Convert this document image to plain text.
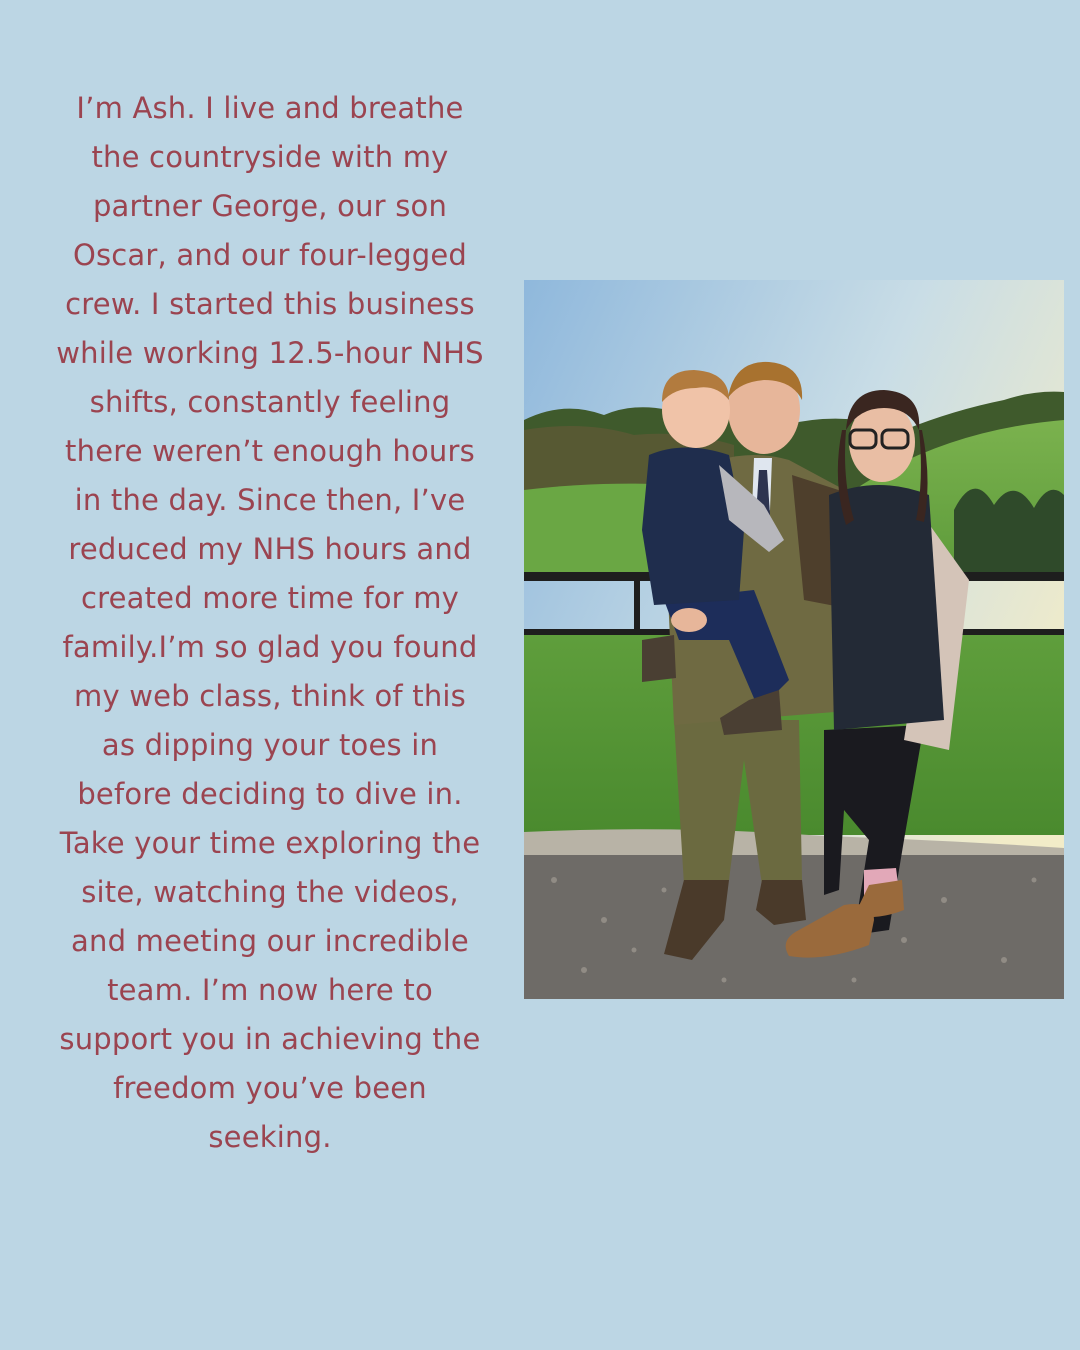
I’m Ash. I live and breathe the countryside with my partner George, our son Oscar, and our four-legged crew. I started this business while working 12.5-hour NHS shifts, constantly feeling there weren’t enough hours in the day. Since then, I’ve reduced my NHS hours and created more time for my family.I’m so glad you found my web class, think of this as dipping your toes in before deciding to dive in.

Take your time exploring the site, watching the videos, and meeting our incredible team. I’m now here to support you in achieving the freedom you’ve been seeking.
